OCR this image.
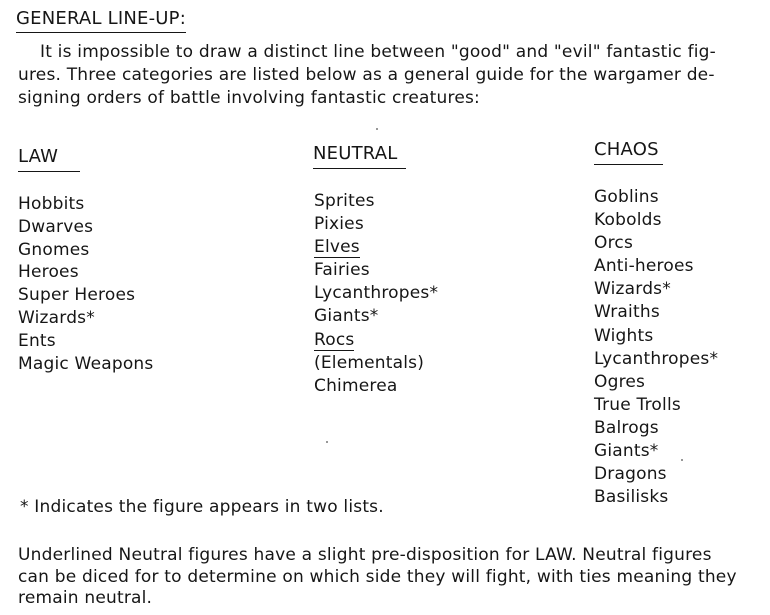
GENERAL LINE-UP:

It is impossible to draw a distinct line between "good" and "evil" fantastic fig-
ures. Three categories are listed below as a general guide for the wargamer de-
signing orders of battle involving fantastic creatures:

LAW	NEUTRAL	CHAOS
Hobbits
Dwarves
Gnomes
Heroes
Super Heroes
Wizards*
Ents
Magic Weapons
Sprites
Pixies
Elves
Fairies
Lycanthropes*
Giants*
Rocs
(Elementals)
Chimerea
Goblins
Kobolds
Orcs
Anti-heroes
Wizards*
Wraiths
Wights
Lycanthropes*
Ogres
True Trolls
Balrogs
Giants*
Dragons
Basilisks
* Indicates the figure appears in two lists.

Underlined Neutral figures have a slight pre-disposition for LAW. Neutral figures
can be diced for to determine on which side they will fight, with ties meaning they
remain neutral.
